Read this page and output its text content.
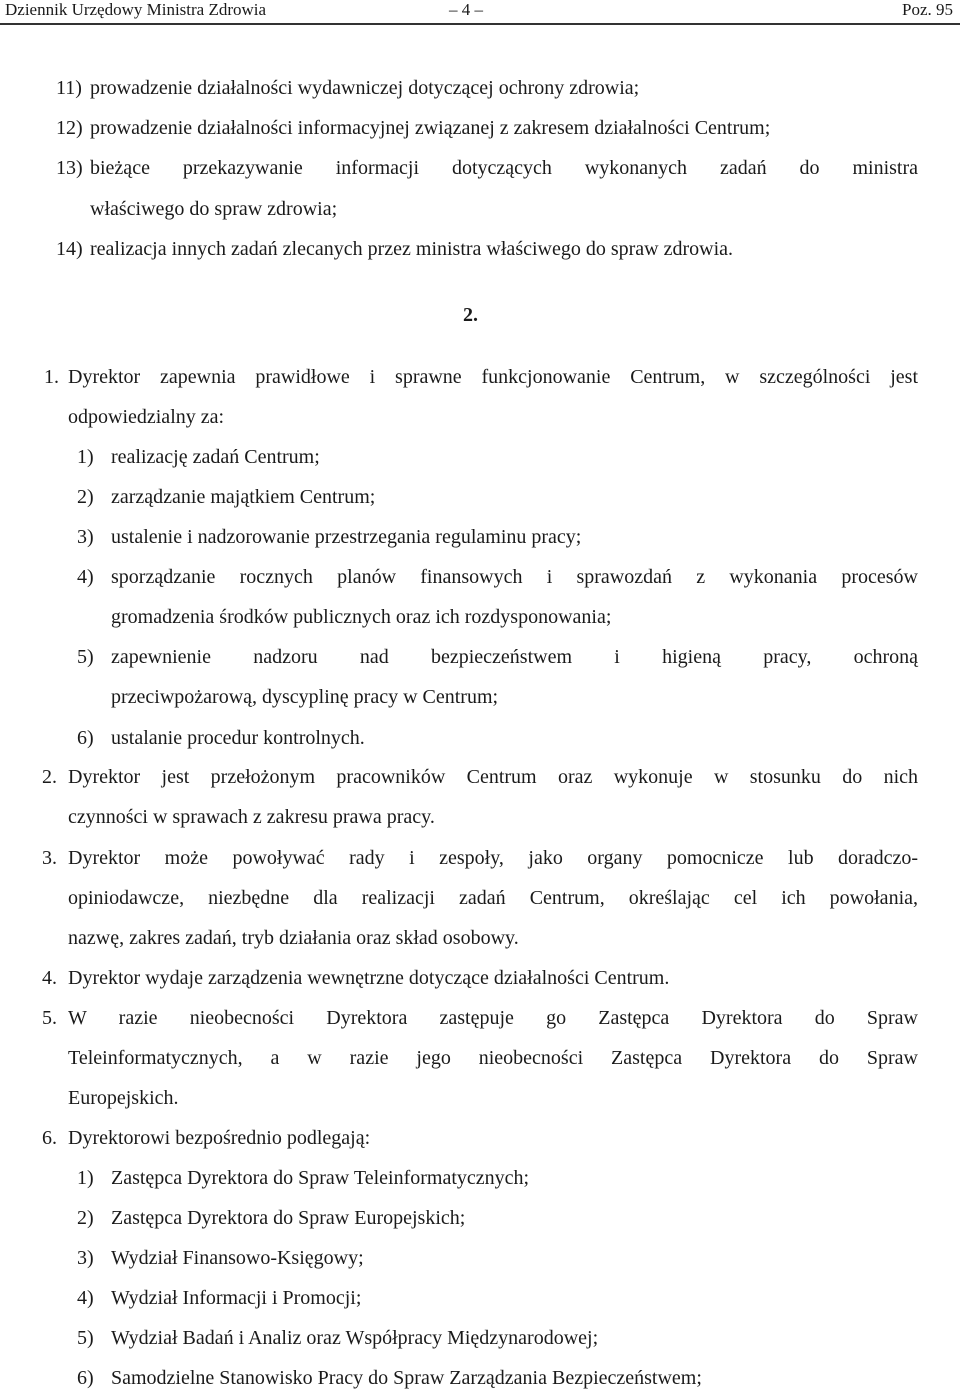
Dziennik Urzędowy Ministra Zdrowia	– 4 –	Poz. 95
11) prowadzenie działalności wydawniczej dotyczącej ochrony zdrowia;
12) prowadzenie działalności informacyjnej związanej z zakresem działalności Centrum;
13) bieżące przekazywanie informacji dotyczących wykonanych zadań do ministra
właściwego do spraw zdrowia;
14) realizacja innych zadań zlecanych przez ministra właściwego do spraw zdrowia.
2.
1. Dyrektor zapewnia prawidłowe i sprawne funkcjonowanie Centrum, w szczególności jest
odpowiedzialny za:
1) realizację zadań Centrum;
2) zarządzanie majątkiem Centrum;
3) ustalenie i nadzorowanie przestrzegania regulaminu pracy;
4) sporządzanie rocznych planów finansowych i sprawozdań z wykonania procesów
gromadzenia środków publicznych oraz ich rozdysponowania;
5) zapewnienie nadzoru nad bezpieczeństwem i higieną pracy, ochroną
przeciwpożarową, dyscyplinę pracy w Centrum;
6) ustalanie procedur kontrolnych.
2. Dyrektor jest przełożonym pracowników Centrum oraz wykonuje w stosunku do nich
czynności w sprawach z zakresu prawa pracy.
3. Dyrektor może powoływać rady i zespoły, jako organy pomocnicze lub doradczo-
opiniodawcze, niezbędne dla realizacji zadań Centrum, określając cel ich powołania,
nazwę, zakres zadań, tryb działania oraz skład osobowy.
4. Dyrektor wydaje zarządzenia wewnętrzne dotyczące działalności Centrum.
5. W razie nieobecności Dyrektora zastępuje go Zastępca Dyrektora do Spraw
Teleinformatycznych, a w razie jego nieobecności Zastępca Dyrektora do Spraw
Europejskich.
6. Dyrektorowi bezpośrednio podlegają:
1) Zastępca Dyrektora do Spraw Teleinformatycznych;
2) Zastępca Dyrektora do Spraw Europejskich;
3) Wydział Finansowo-Księgowy;
4) Wydział Informacji i Promocji;
5) Wydział Badań i Analiz oraz Współpracy Międzynarodowej;
6) Samodzielne Stanowisko Pracy do Spraw Zarządzania Bezpieczeństwem;
